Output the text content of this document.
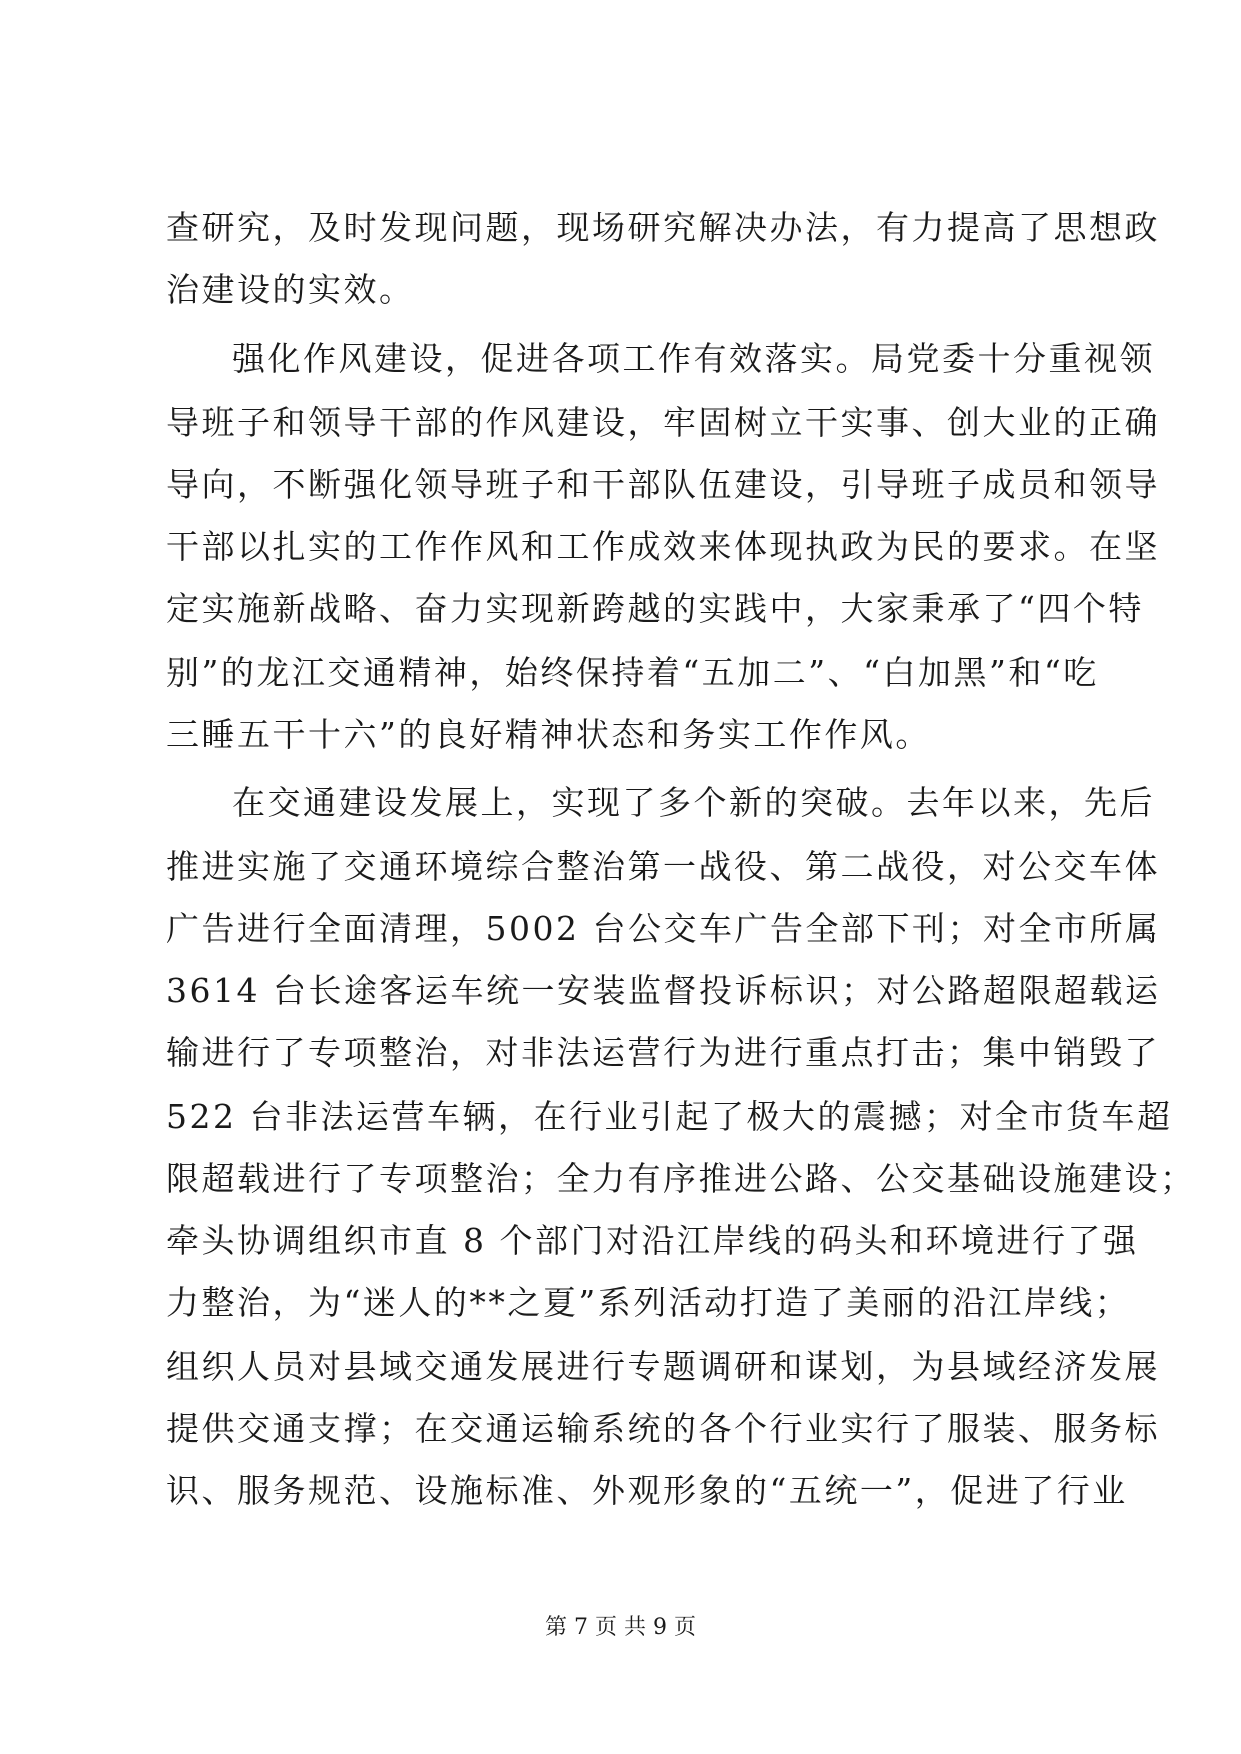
查研究，及时发现问题，现场研究解决办法，有力提高了思想政
治建设的实效。
强化作风建设，促进各项工作有效落实。局党委十分重视领
导班子和领导干部的作风建设，牢固树立干实事、创大业的正确
导向，不断强化领导班子和干部队伍建设，引导班子成员和领导
干部以扎实的工作作风和工作成效来体现执政为民的要求。在坚
定实施新战略、奋力实现新跨越的实践中，大家秉承了“四个特
别”的龙江交通精神，始终保持着“五加二”、“白加黑”和“吃
三睡五干十六”的良好精神状态和务实工作作风。
在交通建设发展上，实现了多个新的突破。去年以来，先后
推进实施了交通环境综合整治第一战役、第二战役，对公交车体
广告进行全面清理，5002 台公交车广告全部下刊；对全市所属
3614 台长途客运车统一安装监督投诉标识；对公路超限超载运
输进行了专项整治，对非法运营行为进行重点打击；集中销毁了
522 台非法运营车辆，在行业引起了极大的震撼；对全市货车超
限超载进行了专项整治；全力有序推进公路、公交基础设施建设；
牵头协调组织市直 8 个部门对沿江岸线的码头和环境进行了强
力整治，为“迷人的**之夏”系列活动打造了美丽的沿江岸线；
组织人员对县域交通发展进行专题调研和谋划，为县域经济发展
提供交通支撑；在交通运输系统的各个行业实行了服装、服务标
识、服务规范、设施标准、外观形象的“五统一”，促进了行业
第 7 页 共 9 页
